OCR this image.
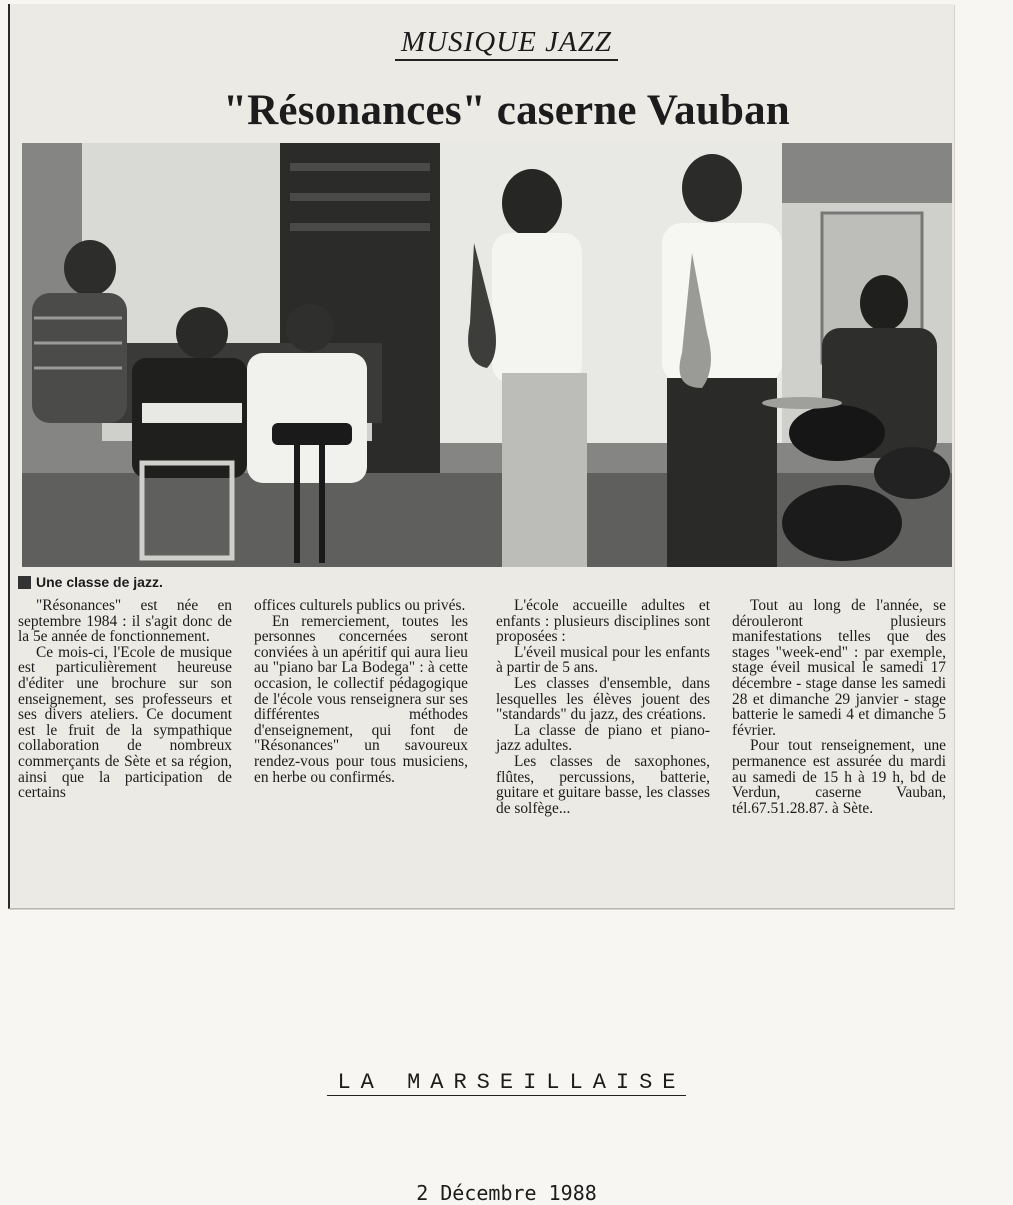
MUSIQUE JAZZ
"Résonances" caserne Vauban
Une classe de jazz.

"Résonances" est née en septembre 1984 : il s'agit donc de la 5e année de fonctionnement.

Ce mois-ci, l'Ecole de musique est particulièrement heureuse d'éditer une brochure sur son enseignement, ses professeurs et ses divers ateliers. Ce document est le fruit de la sympathique collaboration de nombreux commerçants de Sète et sa région, ainsi que la participation de certains

offices culturels publics ou privés.

En remerciement, toutes les personnes concernées seront conviées à un apéritif qui aura lieu au "piano bar La Bodega" : à cette occasion, le collectif pédagogique de l'école vous renseignera sur ses différentes méthodes d'enseignement, qui font de "Résonances" un savoureux rendez-vous pour tous musiciens, en herbe ou confirmés.

L'école accueille adultes et enfants : plusieurs disciplines sont proposées :

L'éveil musical pour les enfants à partir de 5 ans.

Les classes d'ensemble, dans lesquelles les élèves jouent des "standards" du jazz, des créations.

La classe de piano et piano-jazz adultes.

Les classes de saxophones, flûtes, percussions, batterie, guitare et guitare basse, les classes de solfège...

Tout au long de l'année, se dérouleront plusieurs manifestations telles que des stages "week-end" : par exemple, stage éveil musical le samedi 17 décembre - stage danse les samedi 28 et dimanche 29 janvier - stage batterie le samedi 4 et dimanche 5 février.

Pour tout renseignement, une permanence est assurée du mardi au samedi de 15 h à 19 h, bd de Verdun, caserne Vauban, tél.67.51.28.87. à Sète.

LA MARSEILLAISE
2 Décembre 1988
